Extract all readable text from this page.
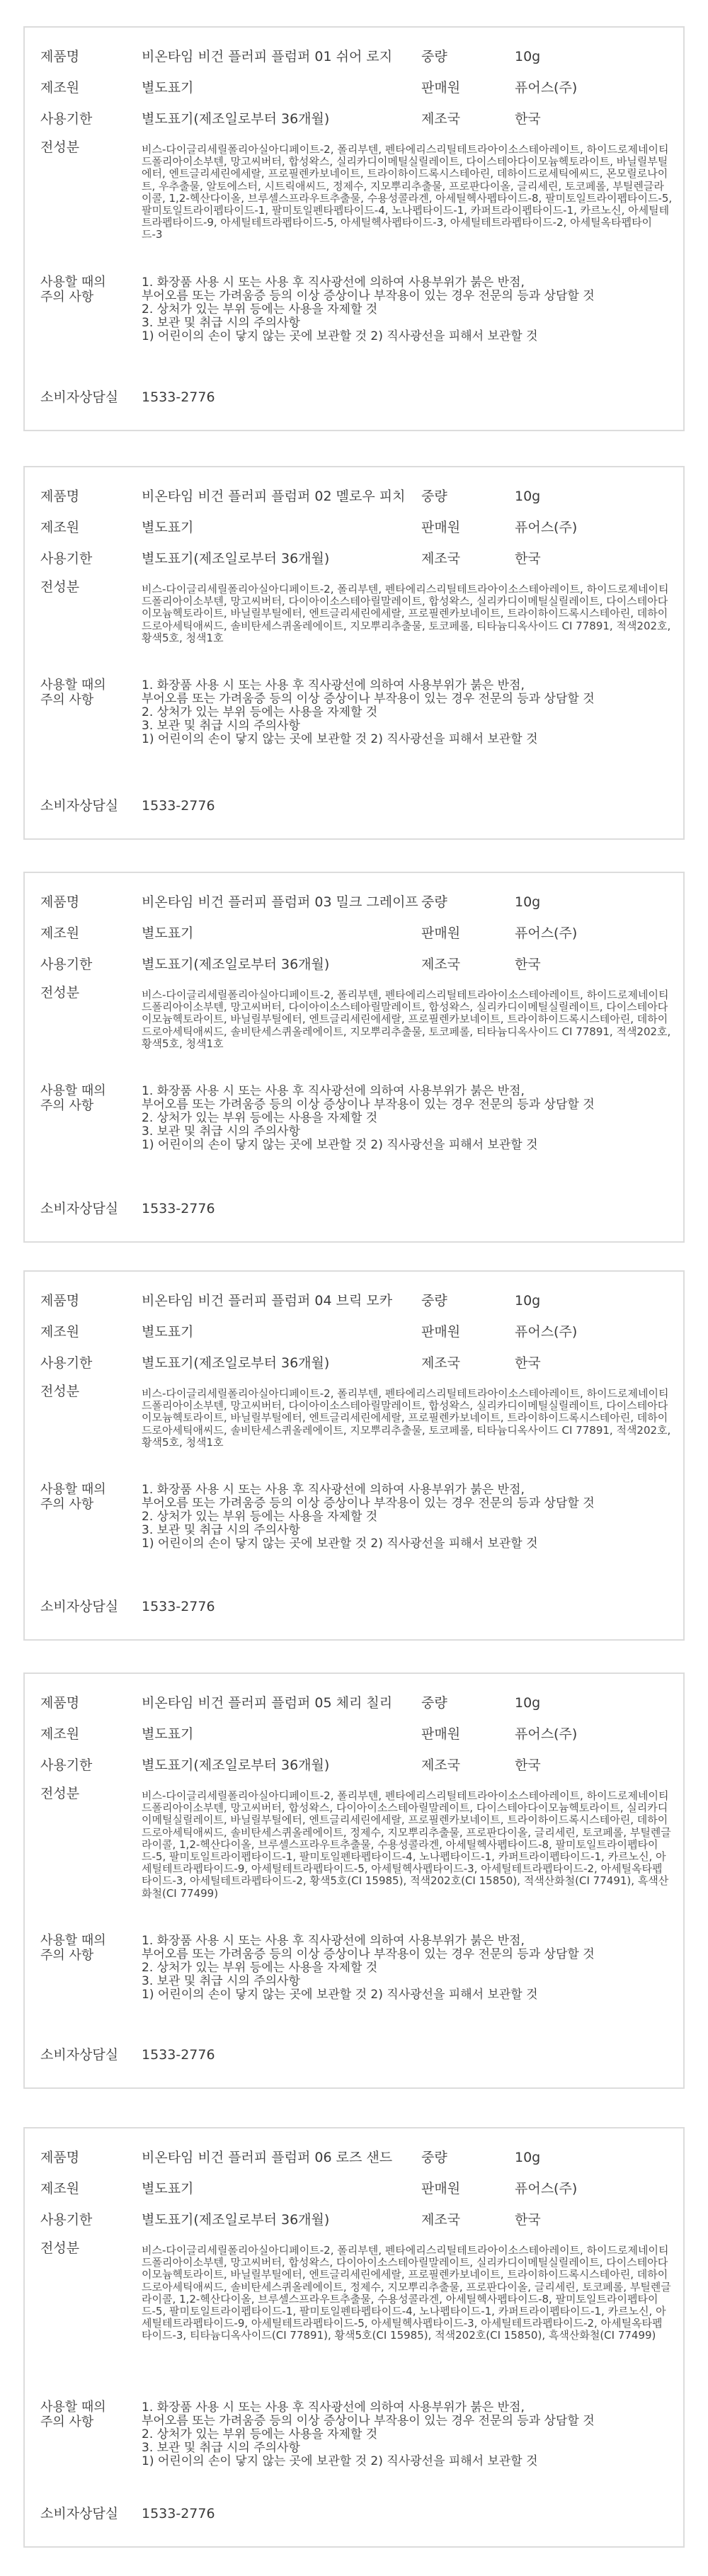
제품명	비온타임 비건 플러피 플럼퍼 01 쉬어 로지 중량	10g
제조원	별도표기	판매원	퓨어스(주)
사용기한	별도표기(제조일로부터 36개월)	제조국	한국
전성분	비스-다이글리세릴폴리아실아디페이트-2, 폴리부텐, 펜타에리스리틸테트라아이소스테아레이트, 하이드로제네이티드폴리아이소부텐, 망고씨버터, 합성왁스, 실리카디이메틸실릴레이트, 다이스테아다이모늄헥토라이트, 바닐릴부틸에터, 엔트글리세린에세랄, 프로필렌카보네이트, 트라이하이드록시스테아린, 데하이드로세틱에씨드, 몬모릴로나이트, 우추출물, 알토에스터, 시트릭애씨드, 정제수, 지모뿌리추출물, 프로판다이올, 글리세린, 토코페롤, 부틸렌글라이콜, 1,2-헥산다이올, 브루셀스프라우트추출물, 수용성콜라겐, 아세틸헥사펩타이드-8, 팔미토일트라이펩타이드-5, 팔미토일트라이펩타이드-1, 팔미토일펜타펩타이드-4, 노나펩타이드-1, 카퍼트라이펩타이드-1, 카르노신, 아세틸테트라펩타이드-9, 아세틸테트라펩타이드-5, 아세틸헥사펩타이드-3, 아세틸테트라펩타이드-2, 아세틸옥타펩타이드-3
사용할 때의 주의 사항
1. 화장품 사용 시 또는 사용 후 직사광선에 의하여 사용부위가 붉은 반점,
부어오름 또는 가려움증 등의 이상 증상이나 부작용이 있는 경우 전문의 등과 상담할 것
2. 상처가 있는 부위 등에는 사용을 자제할 것
3. 보관 및 취급 시의 주의사항
1) 어린이의 손이 닿지 않는 곳에 보관할 것 2) 직사광선을 피해서 보관할 것
소비자상담실 1533-2776
제품명	비온타임 비건 플러피 플럼퍼 02 멜로우 피치 중량	10g
제조원	별도표기	판매원	퓨어스(주)
사용기한	별도표기(제조일로부터 36개월)	제조국	한국
전성분	비스-다이글리세릴폴리아실아디페이트-2, 폴리부텐, 펜타에리스리틸테트라아이소스테아레이트, 하이드로제네이티드폴리아이소부텐, 망고씨버터, 다이아이소스테아릴말레이트, 합성왁스, 실리카디이메틸실릴레이트, 다이스테아다이모늄헥토라이트, 바닐릴부틸에터, 엔트글리세린에세랄, 프로필렌카보네이트, 트라이하이드록시스테아린, 데하이드로아세틱애씨드, 솔비탄세스퀴올레에이트, 지모뿌리추출물, 토코페롤, 티타늄디옥사이드 CI 77891, 적색202호, 황색5호, 청색1호
사용할 때의 주의 사항
1. 화장품 사용 시 또는 사용 후 직사광선에 의하여 사용부위가 붉은 반점,
부어오름 또는 가려움증 등의 이상 증상이나 부작용이 있는 경우 전문의 등과 상담할 것
2. 상처가 있는 부위 등에는 사용을 자제할 것
3. 보관 및 취급 시의 주의사항
1) 어린이의 손이 닿지 않는 곳에 보관할 것 2) 직사광선을 피해서 보관할 것
소비자상담실 1533-2776
제품명	비온타임 비건 플러피 플럼퍼 03 밀크 그레이프 중량	10g
제조원	별도표기	판매원	퓨어스(주)
사용기한	별도표기(제조일로부터 36개월)	제조국	한국
전성분	비스-다이글리세릴폴리아실아디페이트-2, 폴리부텐, 펜타에리스리틸테트라아이소스테아레이트, 하이드로제네이티드폴리아이소부텐, 망고씨버터, 다이아이소스테아릴말레이트, 합성왁스, 실리카디이메틸실릴레이트, 다이스테아다이모늄헥토라이트, 바닐릴부틸에터, 엔트글리세린에세랄, 프로필렌카보네이트, 트라이하이드록시스테아린, 데하이드로아세틱애씨드, 솔비탄세스퀴올레에이트, 지모뿌리추출물, 토코페롤, 티타늄디옥사이드 CI 77891, 적색202호, 황색5호, 청색1호
사용할 때의 주의 사항
1. 화장품 사용 시 또는 사용 후 직사광선에 의하여 사용부위가 붉은 반점,
부어오름 또는 가려움증 등의 이상 증상이나 부작용이 있는 경우 전문의 등과 상담할 것
2. 상처가 있는 부위 등에는 사용을 자제할 것
3. 보관 및 취급 시의 주의사항
1) 어린이의 손이 닿지 않는 곳에 보관할 것 2) 직사광선을 피해서 보관할 것
소비자상담실 1533-2776
제품명	비온타임 비건 플러피 플럼퍼 04 브릭 모카 중량	10g
제조원	별도표기	판매원	퓨어스(주)
사용기한	별도표기(제조일로부터 36개월)	제조국	한국
전성분	비스-다이글리세릴폴리아실아디페이트-2, 폴리부텐, 펜타에리스리틸테트라아이소스테아레이트, 하이드로제네이티드폴리아이소부텐, 망고씨버터, 다이아이소스테아릴말레이트, 합성왁스, 실리카디이메틸실릴레이트, 다이스테아다이모늄헥토라이트, 바닐릴부틸에터, 엔트글리세린에세랄, 프로필렌카보네이트, 트라이하이드록시스테아린, 데하이드로아세틱애씨드, 솔비탄세스퀴올레에이트, 지모뿌리추출물, 토코페롤, 티타늄디옥사이드 CI 77891, 적색202호, 황색5호, 청색1호
사용할 때의 주의 사항
1. 화장품 사용 시 또는 사용 후 직사광선에 의하여 사용부위가 붉은 반점,
부어오름 또는 가려움증 등의 이상 증상이나 부작용이 있는 경우 전문의 등과 상담할 것
2. 상처가 있는 부위 등에는 사용을 자제할 것
3. 보관 및 취급 시의 주의사항
1) 어린이의 손이 닿지 않는 곳에 보관할 것 2) 직사광선을 피해서 보관할 것
소비자상담실 1533-2776
제품명	비온타임 비건 플러피 플럼퍼 05 체리 칠리 중량	10g
제조원	별도표기	판매원	퓨어스(주)
사용기한	별도표기(제조일로부터 36개월)	제조국	한국
전성분	비스-다이글리세릴폴리아실아디페이트-2, 폴리부텐, 펜타에리스리틸테트라아이소스테아레이트, 하이드로제네이티드폴리아이소부텐, 망고씨버터, 합성왁스, 다이아이소스테아릴말레이트, 다이스테아다이모늄헥토라이트, 실리카디이메틸실릴레이트, 바닐릴부틸에터, 엔트글리세린에세랄, 프로필렌카보네이트, 트라이하이드록시스테아린, 데하이드로아세틱애씨드, 솔비탄세스퀴올레에이트, 정제수, 지모뿌리추출물, 프로판다이올, 글리세린, 토코페롤, 부틸렌글라이콜, 1,2-헥산다이올, 브루셀스프라우트추출물, 수용성콜라겐, 아세틸헥사펩타이드-8, 팔미토일트라이펩타이드-5, 팔미토일트라이펩타이드-1, 팔미토일펜타펩타이드-4, 노나펩타이드-1, 카퍼트라이펩타이드-1, 카르노신, 아세틸테트라펩타이드-9, 아세틸테트라펩타이드-5, 아세틸헥사펩타이드-3, 아세틸테트라펩타이드-2, 아세틸옥타펩타이드-3, 아세틸테트라펩타이드-2, 황색5호(CI 15985), 적색202호(CI 15850), 적색산화철(CI 77491), 흑색산화철(CI 77499)
사용할 때의 주의 사항
1. 화장품 사용 시 또는 사용 후 직사광선에 의하여 사용부위가 붉은 반점,
부어오름 또는 가려움증 등의 이상 증상이나 부작용이 있는 경우 전문의 등과 상담할 것
2. 상처가 있는 부위 등에는 사용을 자제할 것
3. 보관 및 취급 시의 주의사항
1) 어린이의 손이 닿지 않는 곳에 보관할 것 2) 직사광선을 피해서 보관할 것
소비자상담실 1533-2776
제품명	비온타임 비건 플러피 플럼퍼 06 로즈 샌드 중량	10g
제조원	별도표기	판매원	퓨어스(주)
사용기한	별도표기(제조일로부터 36개월)	제조국	한국
전성분	비스-다이글리세릴폴리아실아디페이트-2, 폴리부텐, 펜타에리스리틸테트라아이소스테아레이트, 하이드로제네이티드폴리아이소부텐, 망고씨버터, 합성왁스, 다이아이소스테아릴말레이트, 실리카디이메틸실릴레이트, 다이스테아다이모늄헥토라이트, 바닐릴부틸에터, 엔트글리세린에세랄, 프로필렌카보네이트, 트라이하이드록시스테아린, 데하이드로아세틱애씨드, 솔비탄세스퀴올레에이트, 정제수, 지모뿌리추출물, 프로판다이올, 글리세린, 토코페롤, 부틸렌글라이콜, 1,2-헥산다이올, 브루셀스프라우트추출물, 수용성콜라겐, 아세틸헥사펩타이드-8, 팔미토일트라이펩타이드-5, 팔미토일트라이펩타이드-1, 팔미토일펜타펩타이드-4, 노나펩타이드-1, 카퍼트라이펩타이드-1, 카르노신, 아세틸테트라펩타이드-9, 아세틸테트라펩타이드-5, 아세틸헥사펩타이드-3, 아세틸테트라펩타이드-2, 아세틸옥타펩타이드-3, 티타늄디옥사이드(CI 77891), 황색5호(CI 15985), 적색202호(CI 15850), 흑색산화철(CI 77499)
사용할 때의 주의 사항
1. 화장품 사용 시 또는 사용 후 직사광선에 의하여 사용부위가 붉은 반점,
부어오름 또는 가려움증 등의 이상 증상이나 부작용이 있는 경우 전문의 등과 상담할 것
2. 상처가 있는 부위 등에는 사용을 자제할 것
3. 보관 및 취급 시의 주의사항
1) 어린이의 손이 닿지 않는 곳에 보관할 것 2) 직사광선을 피해서 보관할 것
소비자상담실 1533-2776
